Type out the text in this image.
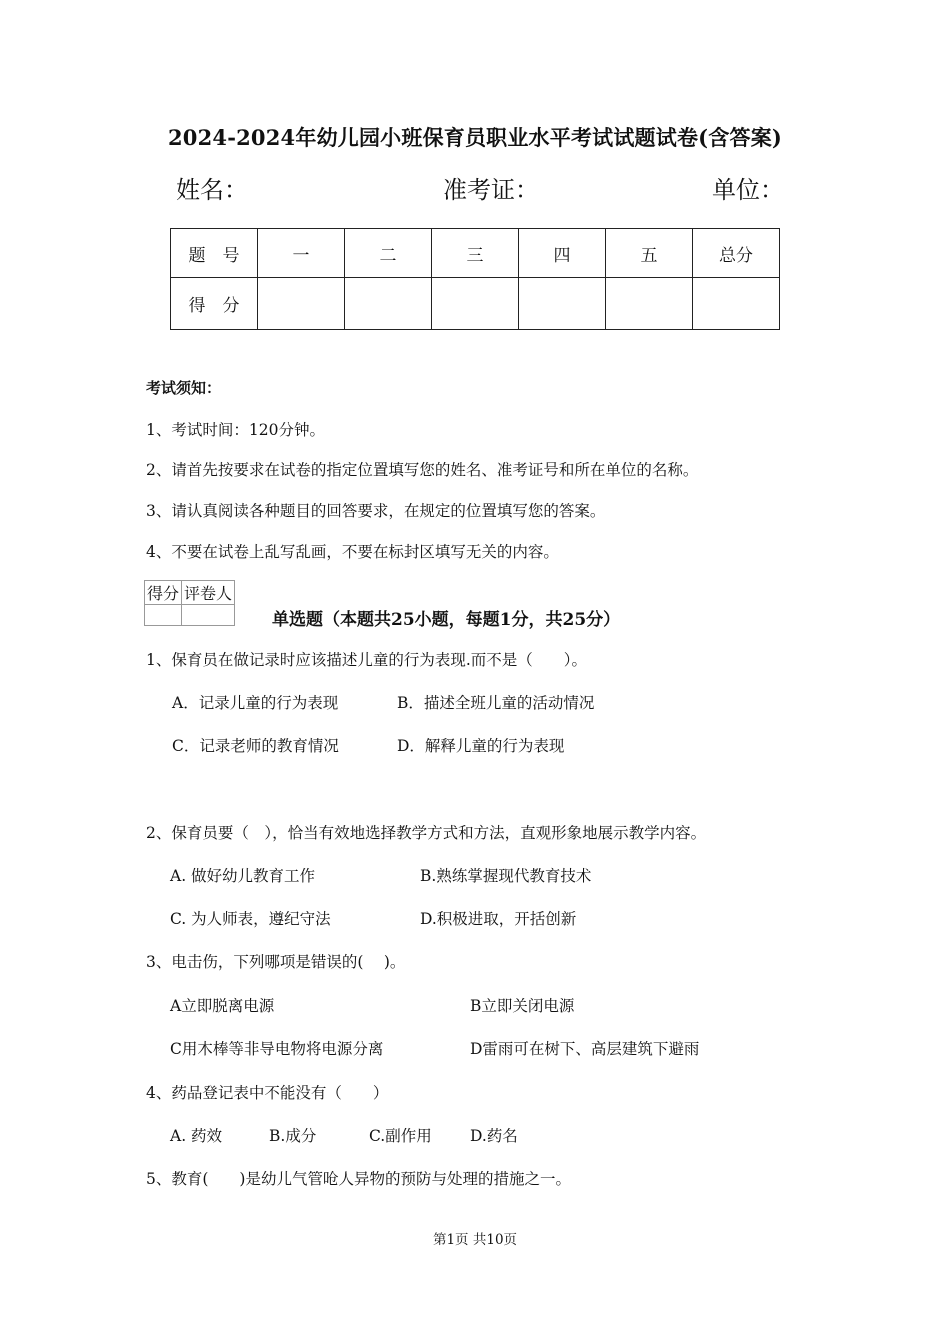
2024-2024年幼儿园小班保育员职业水平考试试题试卷(含答案)
姓名：	准考证：	单位：
题　号	一	二	三	四	五	总分
得　分						
考试须知：
1、考试时间：120分钟。
2、请首先按要求在试卷的指定位置填写您的姓名、准考证号和所在单位的名称。
3、请认真阅读各种题目的回答要求，在规定的位置填写您的答案。
4、不要在试卷上乱写乱画，不要在标封区填写无关的内容。
得分	评卷人

单选题（本题共25小题，每题1分，共25分）
1、保育员在做记录时应该描述儿童的行为表现.而不是（　　）。
A．记录儿童的行为表现	B．描述全班儿童的活动情况
C．记录老师的教育情况	D．解释儿童的行为表现
2、保育员要（　），恰当有效地选择教学方式和方法，直观形象地展示教学内容。
A. 做好幼儿教育工作	B.熟练掌握现代教育技术
C. 为人师表，遵纪守法	D.积极进取，开括创新
3、电击伤，下列哪项是错误的(　 )。
A立即脱离电源	B立即关闭电源
C用木棒等非导电物将电源分离	D雷雨可在树下、高层建筑下避雨
4、药品登记表中不能没有（　　）
A. 药效	B.成分	C.副作用 D.药名
5、教育(　　)是幼儿气管呛人异物的预防与处理的措施之一。
第1页 共10页
